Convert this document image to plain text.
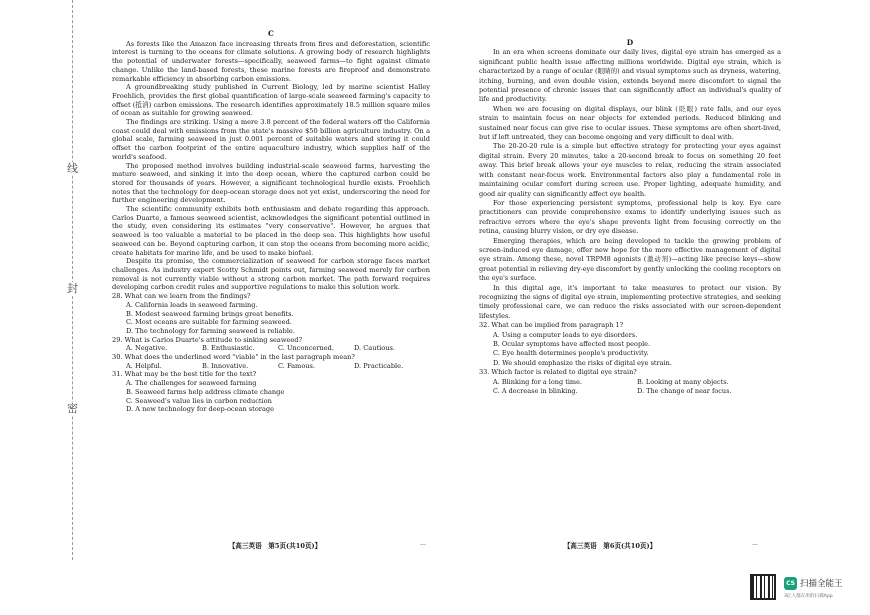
线
封
密
C

As forests like the Amazon face increasing threats from fires and deforestation, scientific interest is turning to the oceans for climate solutions. A growing body of research highlights the potential of underwater forests—specifically, seaweed farms—to fight against climate change. Unlike the land-based forests, these marine forests are fireproof and demonstrate remarkable efficiency in absorbing carbon emissions.

A groundbreaking study published in Current Biology, led by marine scientist Halley Froehlich, provides the first global quantification of large-scale seaweed farming's capacity to offset (抵消) carbon emissions. The research identifies approximately 18.5 million square miles of ocean as suitable for growing seaweed.

The findings are striking. Using a mere 3.8 percent of the federal waters off the California coast could deal with emissions from the state's massive $50 billion agriculture industry. On a global scale, farming seaweed in just 0.001 percent of suitable waters and storing it could offset the carbon footprint of the entire aquaculture industry, which supplies half of the world's seafood.

The proposed method involves building industrial-scale seaweed farms, harvesting the mature seaweed, and sinking it into the deep ocean, where the captured carbon could be stored for thousands of years. However, a significant technological hurdle exists. Froehlich notes that the technology for deep-ocean storage does not yet exist, underscoring the need for further engineering development.

The scientific community exhibits both enthusiasm and debate regarding this approach. Carlos Duarte, a famous seaweed scientist, acknowledges the significant potential outlined in the study, even considering its estimates "very conservative". However, he argues that seaweed is too valuable a material to be placed in the deep sea. This highlights how useful seaweed can be. Beyond capturing carbon, it can stop the oceans from becoming more acidic, create habitats for marine life, and be used to make biofuel.

Despite its promise, the commercialization of seaweed for carbon storage faces market challenges. As industry expert Scotty Schmidt points out, farming seaweed merely for carbon removal is not currently viable without a strong carbon market. The path forward requires developing carbon credit rules and supportive regulations to make this solution work.

28. What can we learn from the findings?
A. California leads in seaweed farming.
B. Modest seaweed farming brings great benefits.
C. Most oceans are suitable for farming seaweed.
D. The technology for farming seaweed is reliable.
29. What is Carlos Duarte's attitude to sinking seaweed?
A. Negative.	B. Enthusiastic.	C. Unconcerned.	D. Cautious.
30. What does the underlined word "viable" in the last paragraph mean?
A. Helpful.	B. Innovative.	C. Famous.	D. Practicable.
31. What may be the best title for the text?
A. The challenges for seaweed farming
B. Seaweed farms help address climate change
C. Seaweed's value lies in carbon reduction
D. A new technology for deep-ocean storage
【高三英语　第5页(共10页)】	—
D

In an era when screens dominate our daily lives, digital eye strain has emerged as a significant public health issue affecting millions worldwide. Digital eye strain, which is characterized by a range of ocular (眼睛的) and visual symptoms such as dryness, watering, itching, burning, and even double vision, extends beyond mere discomfort to signal the potential presence of chronic issues that can significantly affect an individual's quality of life and productivity.

When we are focusing on digital displays, our blink (眨眼) rate falls, and our eyes strain to maintain focus on near objects for extended periods. Reduced blinking and sustained near focus can give rise to ocular issues. These symptoms are often short-lived, but if left untreated, they can become ongoing and very difficult to deal with.

The 20-20-20 rule is a simple but effective strategy for protecting your eyes against digital strain. Every 20 minutes, take a 20-second break to focus on something 20 feet away. This brief break allows your eye muscles to relax, reducing the strain associated with constant near-focus work. Environmental factors also play a fundamental role in maintaining ocular comfort during screen use. Proper lighting, adequate humidity, and good air quality can significantly affect eye health.

For those experiencing persistent symptoms, professional help is key. Eye care practitioners can provide comprehensive exams to identify underlying issues such as refractive errors where the eye's shape prevents light from focusing correctly on the retina, causing blurry vision, or dry eye disease.

Emerging therapies, which are being developed to tackle the growing problem of screen-induced eye damage, offer new hope for the more effective management of digital eye strain. Among these, novel TRPM8 agonists (激动剂)—acting like precise keys—show great potential in relieving dry-eye discomfort by gently unlocking the cooling receptors on the eye's surface.

In this digital age, it's important to take measures to protect our vision. By recognizing the signs of digital eye strain, implementing protective strategies, and seeking timely professional care, we can reduce the risks associated with our screen-dependent lifestyles.

32. What can be implied from paragraph 1?
A. Using a computer leads to eye disorders.
B. Ocular symptoms have affected most people.
C. Eye health determines people's productivity.
D. We should emphasize the risks of digital eye strain.
33. Which factor is related to digital eye strain?
A. Blinking for a long time.	B. Looking at many objects.
C. A decrease in blinking.	D. The change of near focus.
【高三英语　第6页(共10页)】	—
CS 扫描全能王
3亿人都在用的扫描App
